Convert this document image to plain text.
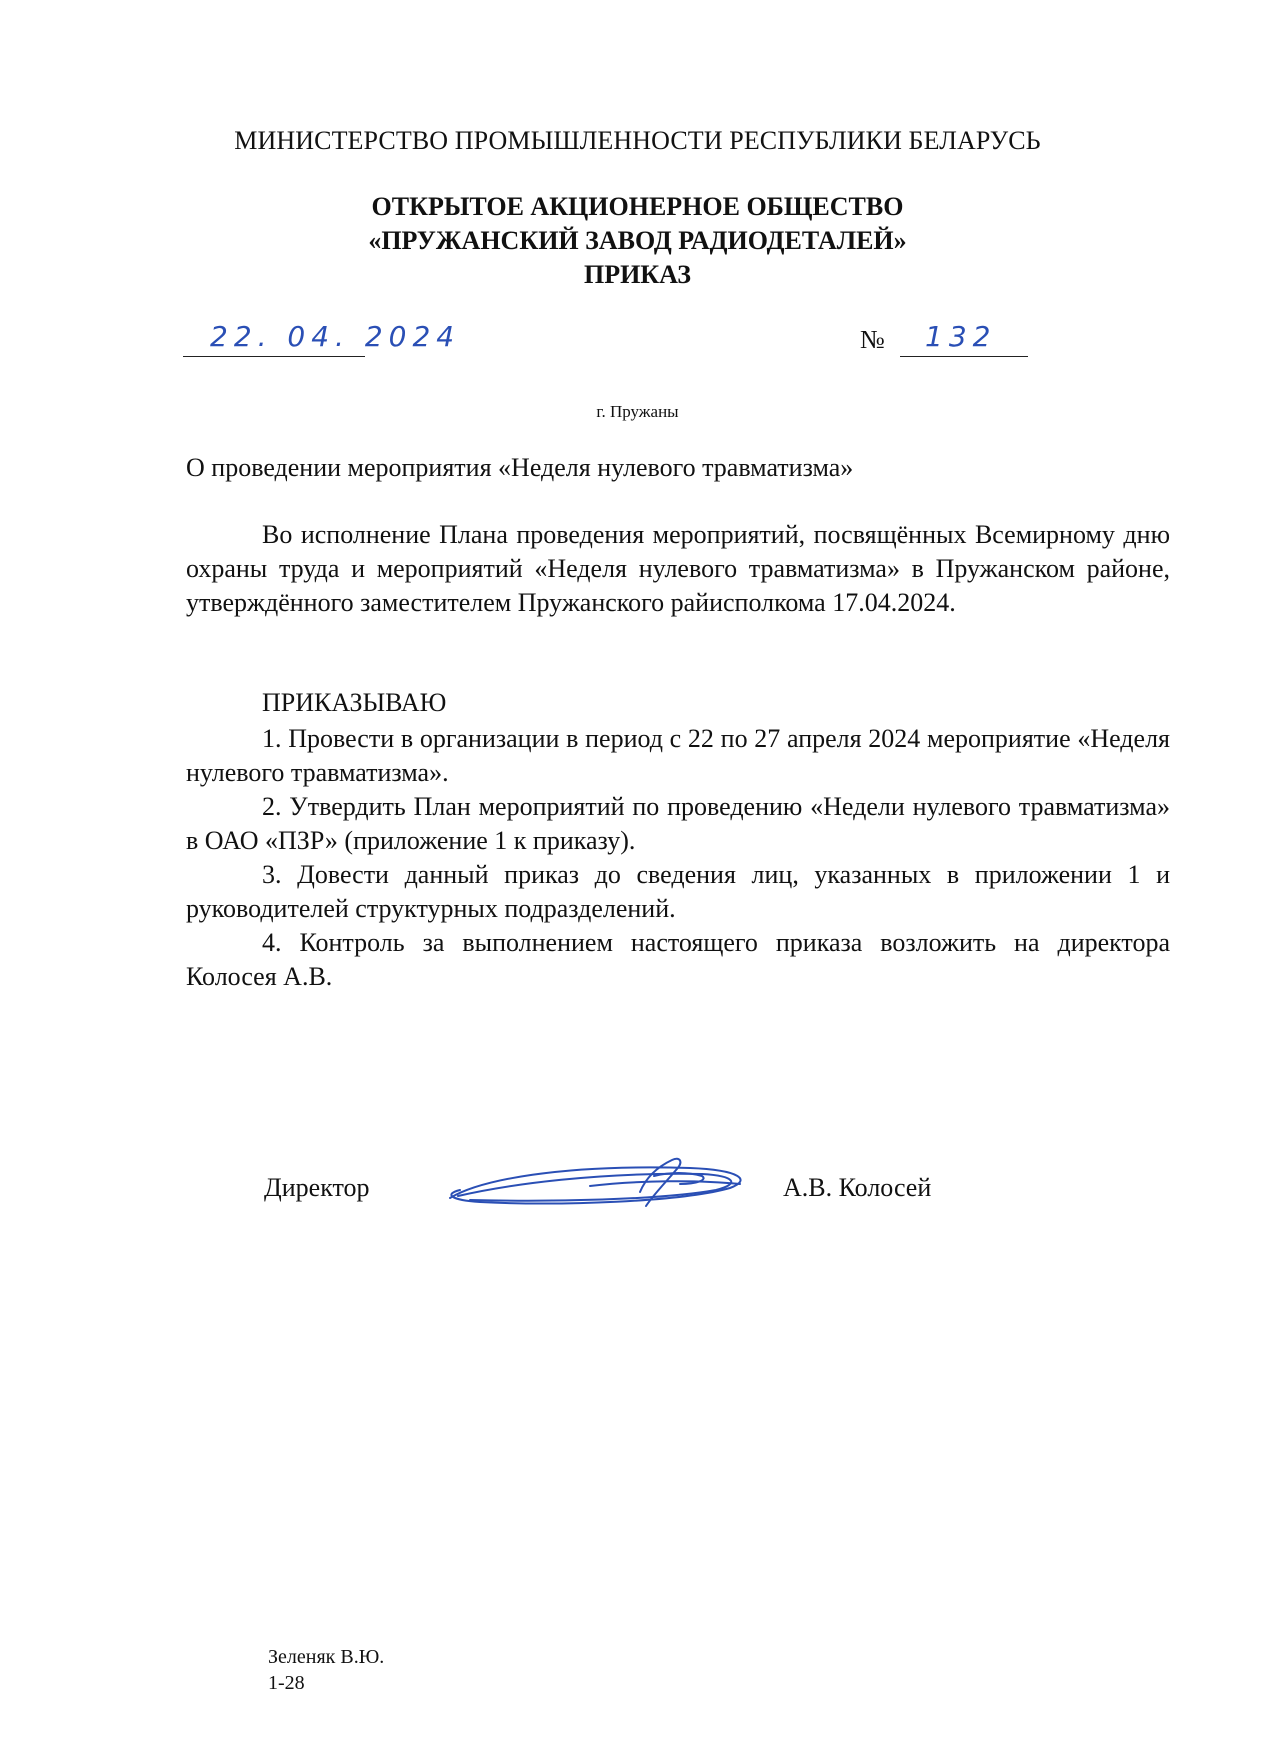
МИНИСТЕРСТВО ПРОМЫШЛЕННОСТИ РЕСПУБЛИКИ БЕЛАРУСЬ
ОТКРЫТОЕ АКЦИОНЕРНОЕ ОБЩЕСТВО
«ПРУЖАНСКИЙ ЗАВОД РАДИОДЕТАЛЕЙ»
ПРИКАЗ
22. 04. 2024	№ 132
г. Пружаны
О проведении мероприятия «Неделя нулевого травматизма»
Во исполнение Плана проведения мероприятий, посвящённых Всемирному дню охраны труда и мероприятий «Неделя нулевого травматизма» в Пружанском районе, утверждённого заместителем Пружанского райисполкома 17.04.2024.
ПРИКАЗЫВАЮ
1. Провести в организации в период с 22 по 27 апреля 2024 мероприятие «Неделя нулевого травматизма».
2. Утвердить План мероприятий по проведению «Недели нулевого травматизма» в ОАО «ПЗР» (приложение 1 к приказу).
3. Довести данный приказ до сведения лиц, указанных в приложении 1 и руководителей структурных подразделений.
4. Контроль за выполнением настоящего приказа возложить на директора Колосея А.В.
Директор	А.В. Колосей
Зеленяк В.Ю.
1-28
